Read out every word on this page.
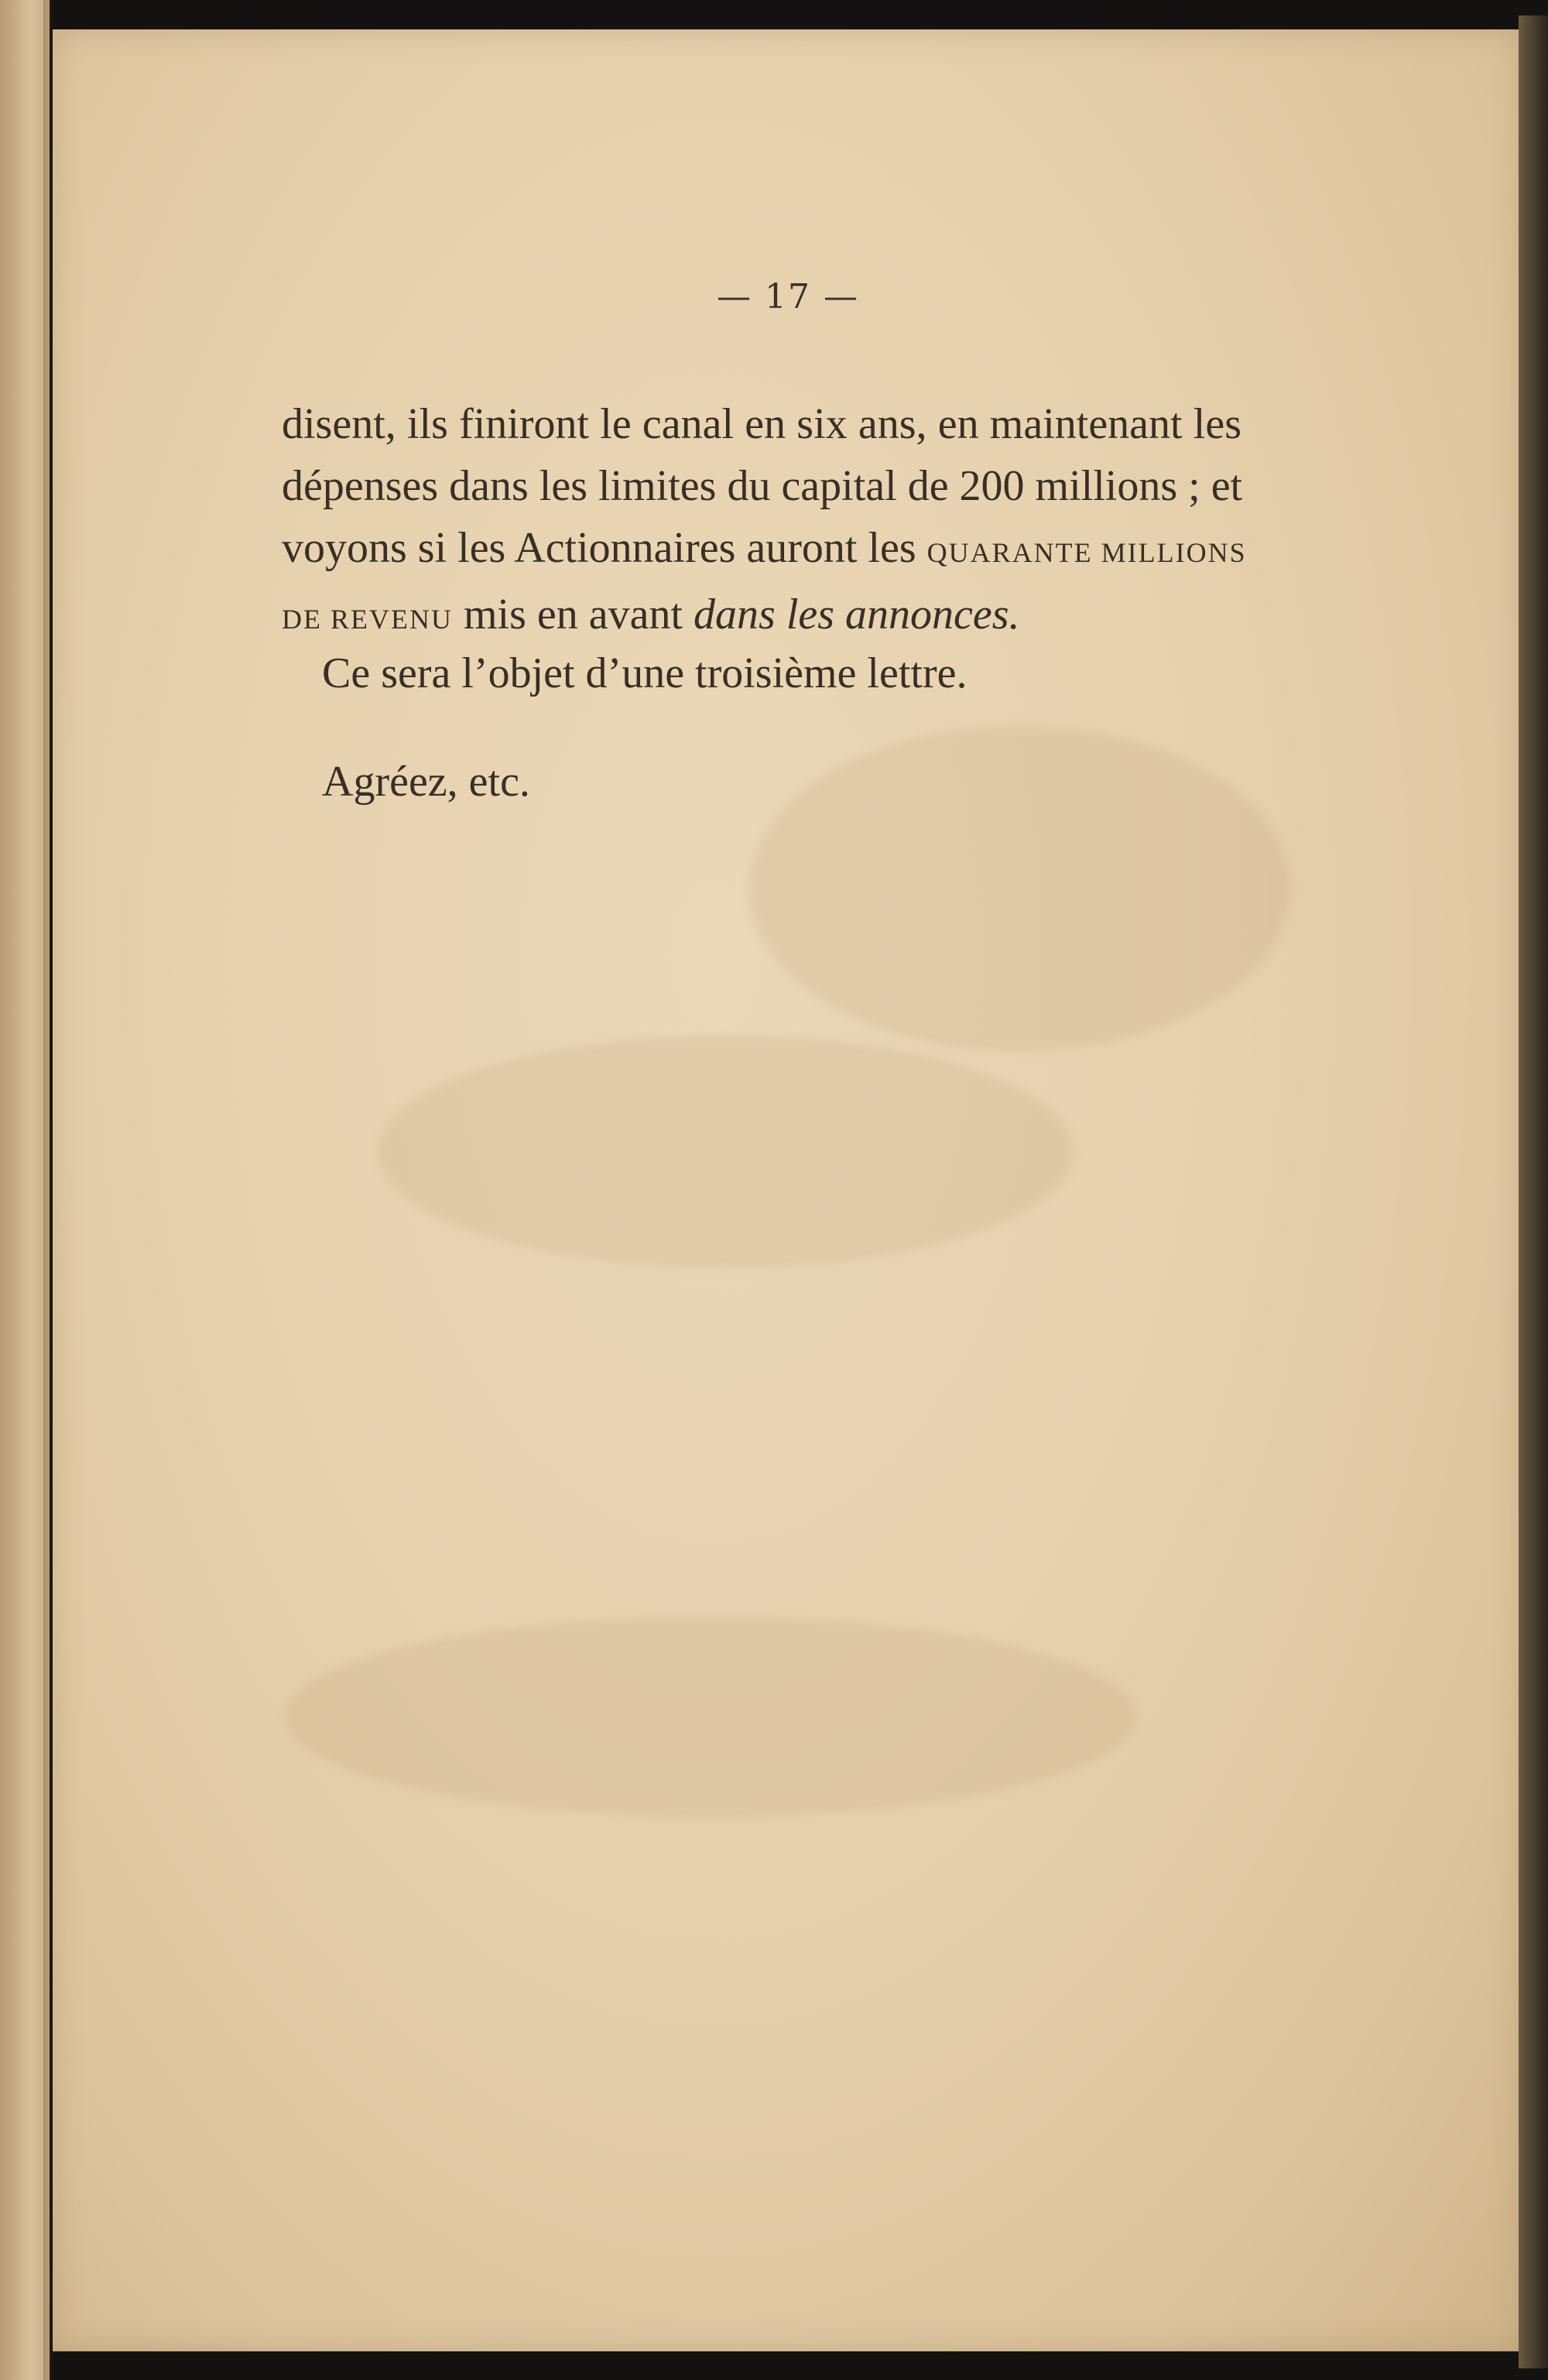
— 17 —
disent, ils finiront le canal en six ans, en maintenant les
dépenses dans les limites du capital de 200 millions ; et
voyons si les Actionnaires auront les QUARANTE MILLIONS
DE REVENU mis en avant dans les annonces.
Ce sera l’objet d’une troisième lettre.
Agréez, etc.
